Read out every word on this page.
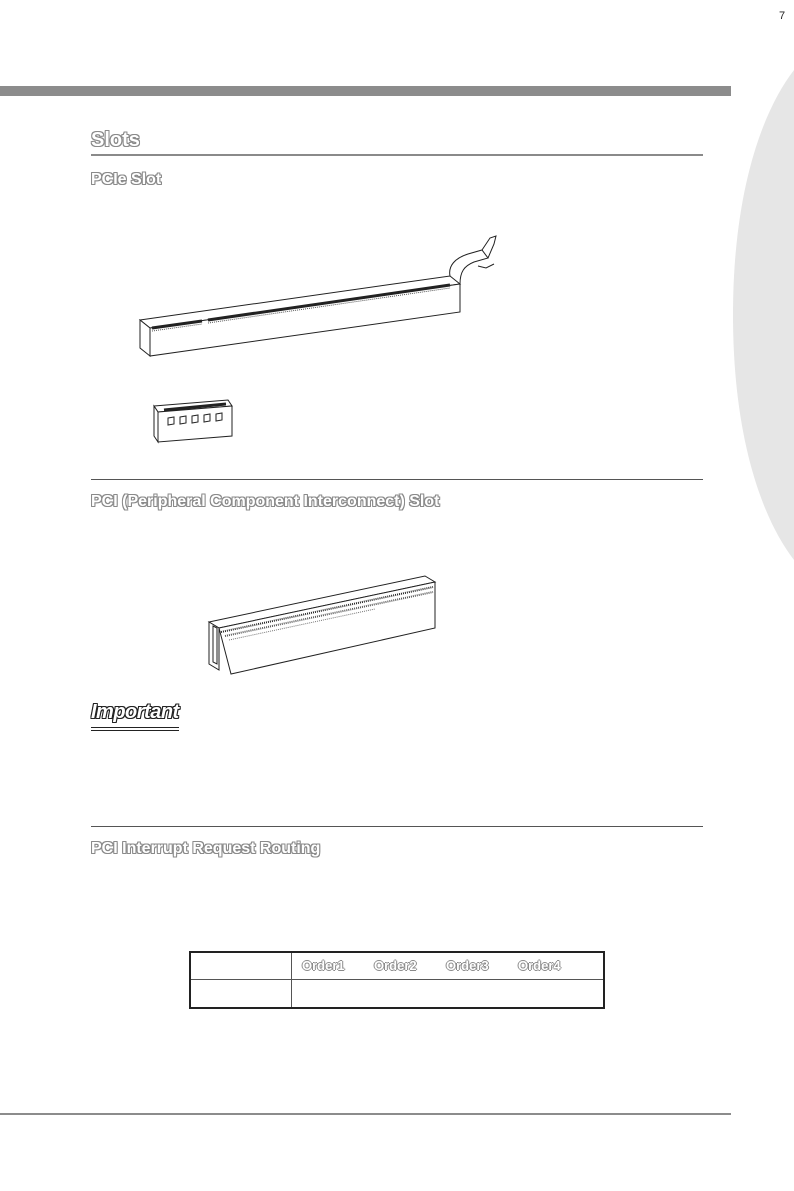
7
Slots
PCIe Slot
PCI (Peripheral Component Interconnect) Slot
Important
PCI Interrupt Request Routing

	Order1 Order2 Order3 Order4
